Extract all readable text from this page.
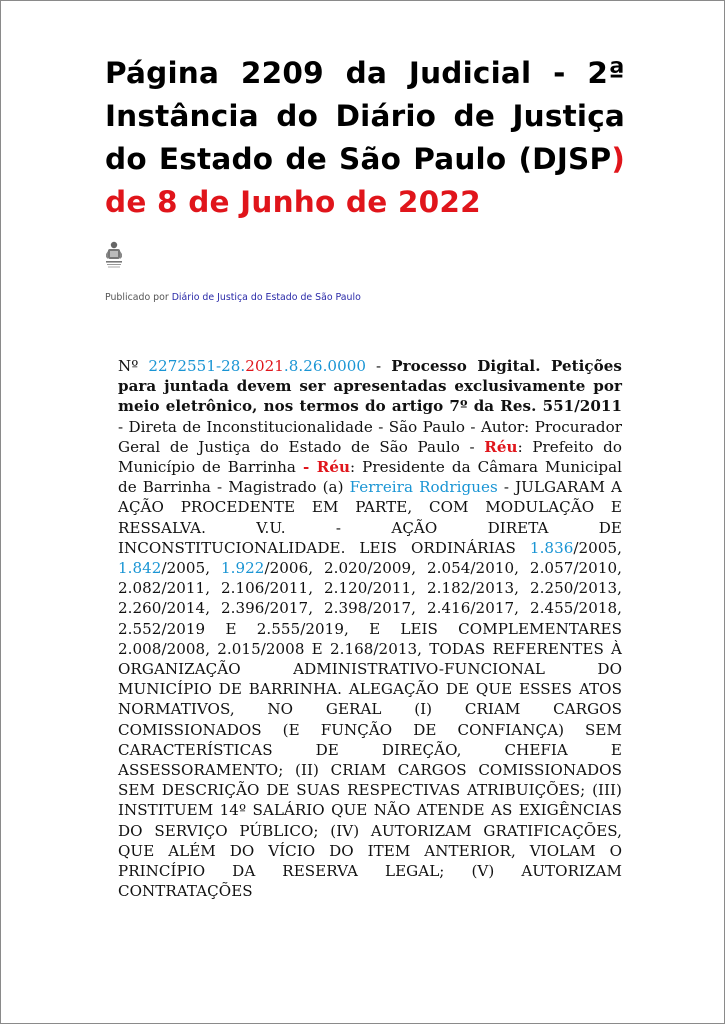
Página 2209 da Judicial - 2ª Instância do Diário de Justiça do Estado de São Paulo (DJSP) de 8 de Junho de 2022
Publicado por Diário de Justiça do Estado de São Paulo

Nº 2272551-28.2021.8.26.0000 - Processo Digital. Petições para juntada devem ser apresentadas exclusivamente por meio eletrônico, nos termos do artigo 7º da Res. 551/2011 - Direta de Inconstitucionalidade - São Paulo - Autor: Procurador Geral de Justiça do Estado de São Paulo - Réu: Prefeito do Município de Barrinha - Réu: Presidente da Câmara Municipal de Barrinha - Magistrado (a) Ferreira Rodrigues - JULGARAM A AÇÃO PROCEDENTE EM PARTE, COM MODULAÇÃO E RESSALVA. V.U. - AÇÃO DIRETA DE INCONSTITUCIONALIDADE. LEIS ORDINÁRIAS 1.836/2005, 1.842/2005, 1.922/2006, 2.020/2009, 2.054/2010, 2.057/2010, 2.082/2011, 2.106/2011, 2.120/2011, 2.182/2013, 2.250/2013, 2.260/2014, 2.396/2017, 2.398/2017, 2.416/2017, 2.455/2018, 2.552/2019 E 2.555/2019, E LEIS COMPLEMENTARES 2.008/2008, 2.015/2008 E 2.168/2013, TODAS REFERENTES À ORGANIZAÇÃO ADMINISTRATIVO-FUNCIONAL DO MUNICÍPIO DE BARRINHA. ALEGAÇÃO DE QUE ESSES ATOS NORMATIVOS, NO GERAL (I) CRIAM CARGOS COMISSIONADOS (E FUNÇÃO DE CONFIANÇA) SEM CARACTERÍSTICAS DE DIREÇÃO, CHEFIA E ASSESSORAMENTO; (II) CRIAM CARGOS COMISSIONADOS SEM DESCRIÇÃO DE SUAS RESPECTIVAS ATRIBUIÇÕES; (III) INSTITUEM 14º SALÁRIO QUE NÃO ATENDE AS EXIGÊNCIAS DO SERVIÇO PÚBLICO; (IV) AUTORIZAM GRATIFICAÇÕES, QUE ALÉM DO VÍCIO DO ITEM ANTERIOR, VIOLAM O PRINCÍPIO DA RESERVA LEGAL; (V) AUTORIZAM CONTRATAÇÕES
